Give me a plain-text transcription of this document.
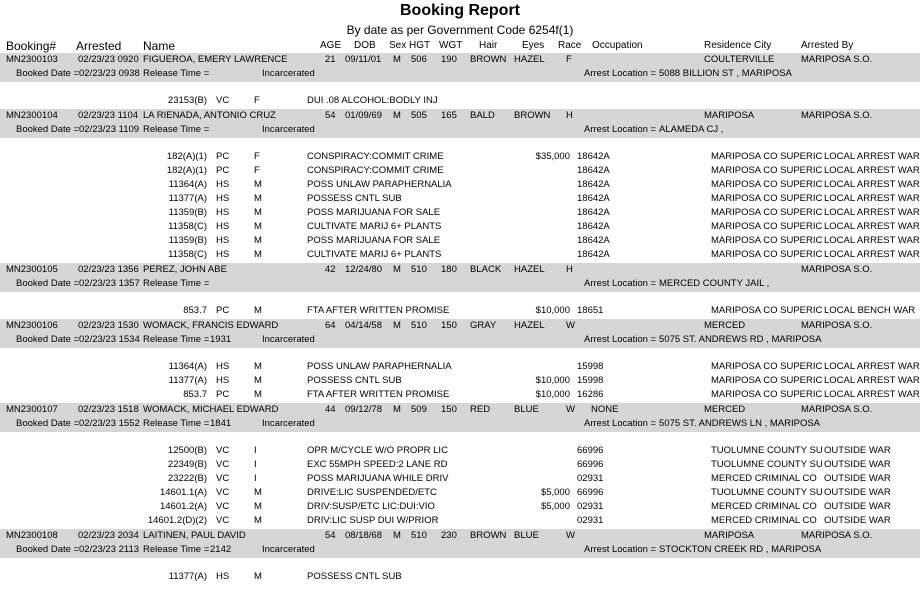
Booking Report
By date as per Government Code 6254f(1)
Booking# Arrested Name	AGE DOB Sex HGT WGT Hair Eyes Race Occupation	Residence City	Arrested By
MN2300103 02/23/23 0920 FIGUEROA, EMERY LAWRENCE	21 09/11/01 M 506 190 BROWN HAZEL F	COULTERVILLE	MARIPOSA S.O.
Booked Date = 02/23/23 0938 Release Time =	Incarcerated	Arrest Location = 5088 BILLION ST , MARIPOSA
23153(B) VC	F	DUI .08 ALCOHOL:BODLY INJ
MN2300104 02/23/23 1104 LA RIENADA, ANTONIO CRUZ	54 01/09/69 M 505 165 BALD BROWN H	MARIPOSA	MARIPOSA S.O.
Booked Date = 02/23/23 1109 Release Time =	Incarcerated	Arrest Location = ALAMEDA CJ ,
182(A)(1) PC	F	CONSPIRACY:COMMIT CRIME	$35,000 18642A	MARIPOSA CO SUPERIC LOCAL ARREST WAR
182(A)(1) PC	F	CONSPIRACY:COMMIT CRIME	18642A	MARIPOSA CO SUPERIC LOCAL ARREST WAR
11364(A) HS	M	POSS UNLAW PARAPHERNALIA	18642A	MARIPOSA CO SUPERIC LOCAL ARREST WAR
11377(A) HS	M	POSSESS CNTL SUB	18642A	MARIPOSA CO SUPERIC LOCAL ARREST WAR
11359(B) HS	M	POSS MARIJUANA FOR SALE	18642A	MARIPOSA CO SUPERIC LOCAL ARREST WAR
11358(C) HS	M	CULTIVATE MARIJ 6+ PLANTS	18642A	MARIPOSA CO SUPERIC LOCAL ARREST WAR
11359(B) HS	M	POSS MARIJUANA FOR SALE	18642A	MARIPOSA CO SUPERIC LOCAL ARREST WAR
11358(C) HS	M	CULTIVATE MARIJ 6+ PLANTS	18642A	MARIPOSA CO SUPERIC LOCAL ARREST WAR
MN2300105 02/23/23 1356 PEREZ, JOHN ABE	42 12/24/80 M 510 180 BLACK HAZEL H	MARIPOSA S.O.
Booked Date = 02/23/23 1357 Release Time =	Arrest Location = MERCED COUNTY JAIL ,
853.7 PC	M	FTA AFTER WRITTEN PROMISE	$10,000 18651	MARIPOSA CO SUPERIC LOCAL BENCH WAR
MN2300106 02/23/23 1530 WOMACK, FRANCIS EDWARD	64 04/14/58 M 510 150 GRAY HAZEL W	MERCED	MARIPOSA S.O.
Booked Date = 02/23/23 1534 Release Time = 1931	Incarcerated	Arrest Location = 5075 ST. ANDREWS RD , MARIPOSA
11364(A) HS	M	POSS UNLAW PARAPHERNALIA	15998	MARIPOSA CO SUPERIC LOCAL ARREST WAR
11377(A) HS	M	POSSESS CNTL SUB	$10,000 15998	MARIPOSA CO SUPERIC LOCAL ARREST WAR
853.7 PC	M	FTA AFTER WRITTEN PROMISE	$10,000 16286	MARIPOSA CO SUPERIC LOCAL ARREST WAR
MN2300107 02/23/23 1518 WOMACK, MICHAEL EDWARD	44 09/12/78 M 509 150 RED	BLUE	W NONE	MERCED	MARIPOSA S.O.
Booked Date = 02/23/23 1552 Release Time = 1841	Incarcerated	Arrest Location = 5075 ST. ANDREWS LN , MARIPOSA
12500(B) VC	I	OPR M/CYCLE W/O PROPR LIC	66996	TUOLUMNE COUNTY SU OUTSIDE WAR
22349(B) VC	I	EXC 55MPH SPEED:2 LANE RD	66996	TUOLUMNE COUNTY SU OUTSIDE WAR
23222(B) VC	I	POSS MARIJUANA WHILE DRIV	02931	MERCED CRIMINAL CO OUTSIDE WAR
14601.1(A) VC	M	DRIVE:LIC SUSPENDED/ETC	$5,000 66996	TUOLUMNE COUNTY SU OUTSIDE WAR
14601.2(A) VC	M	DRIV:SUSP/ETC LIC:DUI:VIO	$5,000 02931	MERCED CRIMINAL CO OUTSIDE WAR
14601.2(D)(2) VC	M	DRIV:LIC SUSP DUI W/PRIOR	02931	MERCED CRIMINAL CO OUTSIDE WAR
MN2300108 02/23/23 2034 LAITINEN, PAUL DAVID	54 08/18/68 M 510 230 BROWN BLUE	W	MARIPOSA	MARIPOSA S.O.
Booked Date = 02/23/23 2113 Release Time = 2142	Incarcerated	Arrest Location = STOCKTON CREEK RD , MARIPOSA
11377(A) HS	M	POSSESS CNTL SUB
